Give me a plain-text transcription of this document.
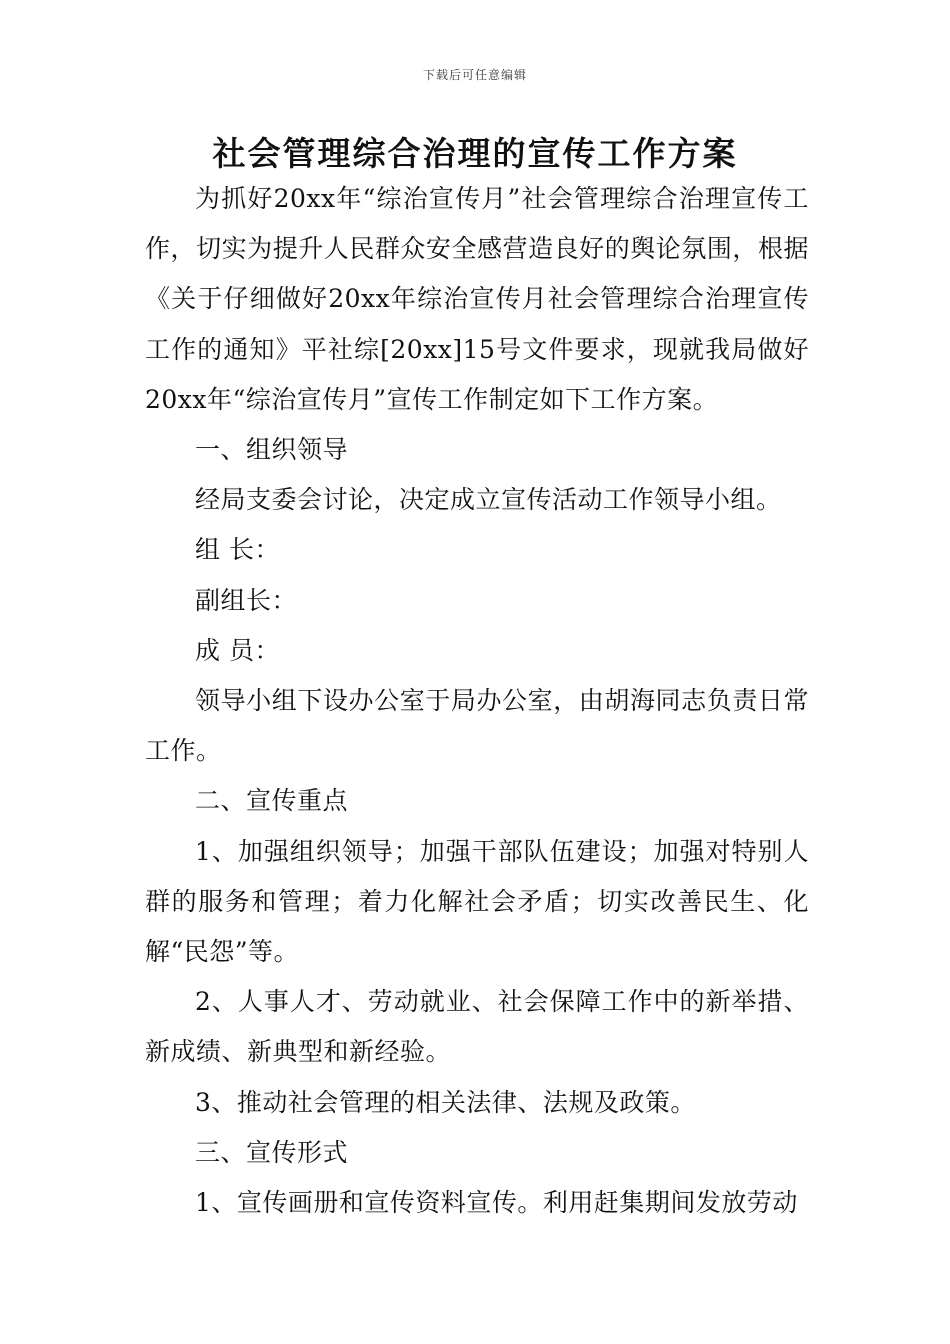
下载后可任意编辑
社会管理综合治理的宣传工作方案

为抓好20xx年“综治宣传月”社会管理综合治理宣传工作，切实为提升人民群众安全感营造良好的舆论氛围，根据《关于仔细做好20xx年综治宣传月社会管理综合治理宣传工作的通知》平社综[20xx]15号文件要求，现就我局做好20xx年“综治宣传月”宣传工作制定如下工作方案。

一、组织领导

经局支委会讨论，决定成立宣传活动工作领导小组。

组 长：

副组长：

成 员：

领导小组下设办公室于局办公室，由胡海同志负责日常工作。

二、宣传重点

1、加强组织领导；加强干部队伍建设；加强对特别人群的服务和管理；着力化解社会矛盾；切实改善民生、化解“民怨”等。

2、人事人才、劳动就业、社会保障工作中的新举措、新成绩、新典型和新经验。

3、推动社会管理的相关法律、法规及政策。

三、宣传形式

1、宣传画册和宣传资料宣传。利用赶集期间发放劳动
